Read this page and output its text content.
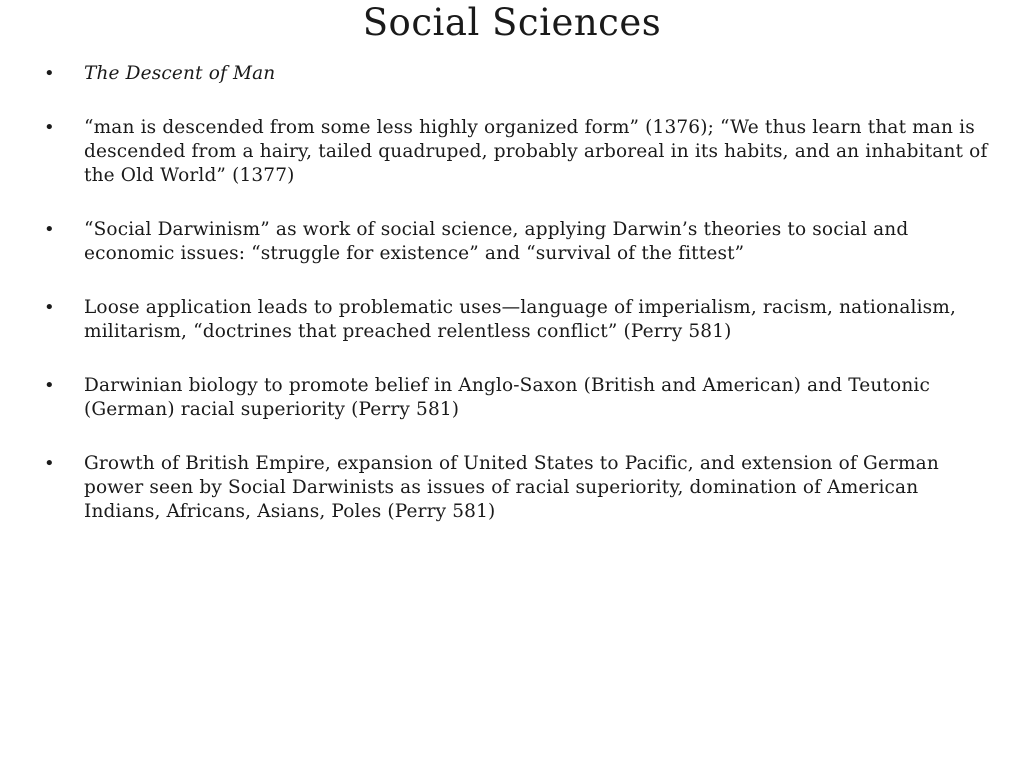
Social Sciences
• The Descent of Man
• “man is descended from some less highly organized form” (1376); “We thus learn that man is descended from a hairy, tailed quadruped, probably arboreal in its habits, and an inhabitant of the Old World” (1377)
• “Social Darwinism” as work of social science, applying Darwin’s theories to social and economic issues: “struggle for existence” and “survival of the fittest”
• Loose application leads to problematic uses—language of imperialism, racism, nationalism, militarism, “doctrines that preached relentless conflict” (Perry 581)
• Darwinian biology to promote belief in Anglo-Saxon (British and American) and Teutonic (German) racial superiority (Perry 581)
• Growth of British Empire, expansion of United States to Pacific, and extension of German power seen by Social Darwinists as issues of racial superiority, domination of American Indians, Africans, Asians, Poles (Perry 581)
